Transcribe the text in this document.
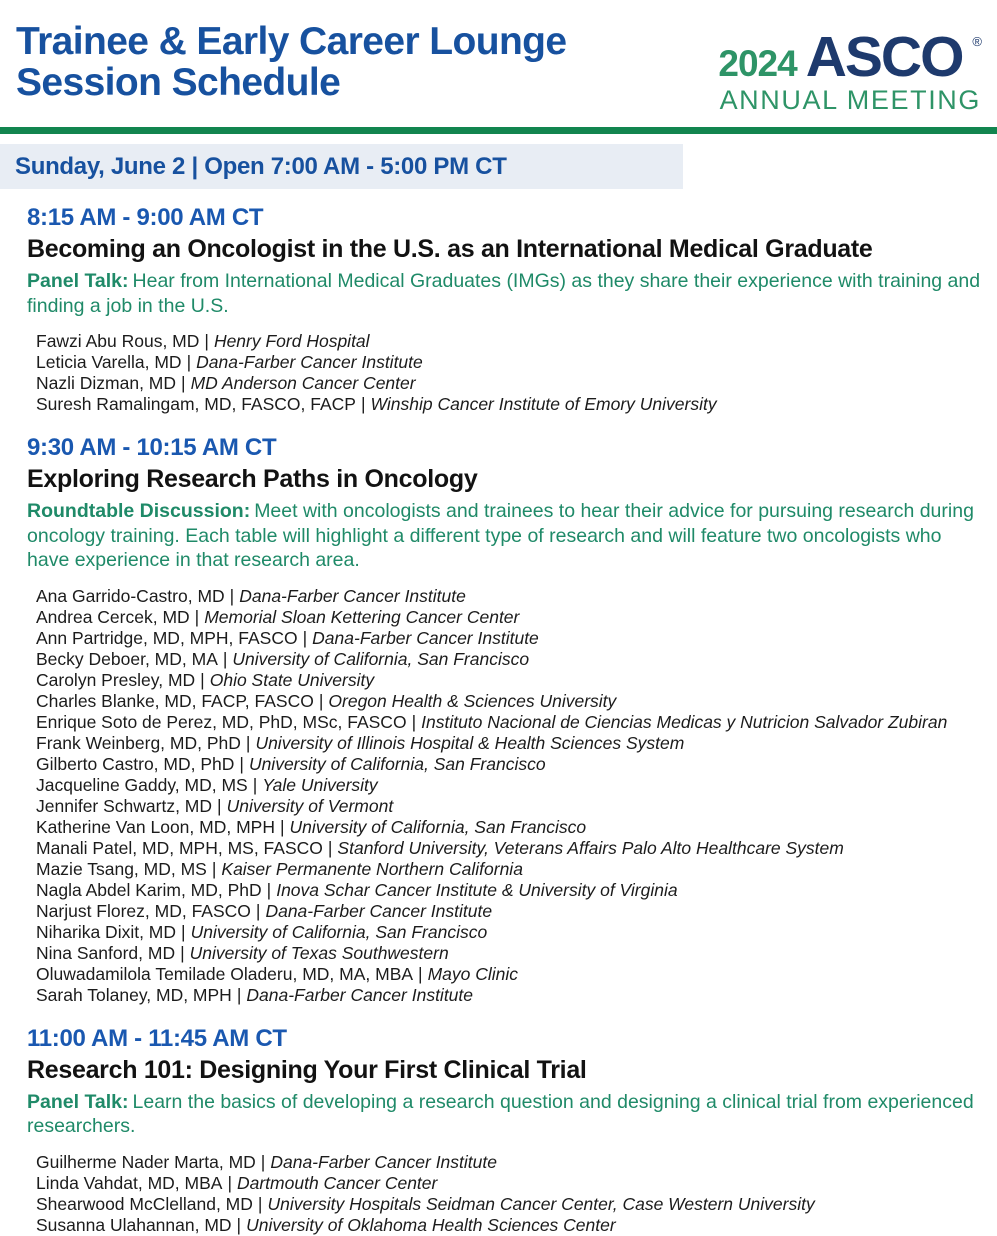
Trainee & Early Career Lounge
Session Schedule	2024 ASCO ®
ANNUAL MEETING
Sunday, June 2 | Open 7:00 AM - 5:00 PM CT
8:15 AM - 9:00 AM CT
Becoming an Oncologist in the U.S. as an International Medical Graduate
Panel Talk: Hear from International Medical Graduates (IMGs) as they share their experience with training and finding a job in the U.S.
Fawzi Abu Rous, MD | Henry Ford Hospital
Leticia Varella, MD | Dana-Farber Cancer Institute
Nazli Dizman, MD | MD Anderson Cancer Center
Suresh Ramalingam, MD, FASCO, FACP | Winship Cancer Institute of Emory University
9:30 AM - 10:15 AM CT
Exploring Research Paths in Oncology
Roundtable Discussion: Meet with oncologists and trainees to hear their advice for pursuing research during oncology training. Each table will highlight a different type of research and will feature two oncologists who have experience in that research area.
Ana Garrido-Castro, MD | Dana-Farber Cancer Institute
Andrea Cercek, MD | Memorial Sloan Kettering Cancer Center
Ann Partridge, MD, MPH, FASCO | Dana-Farber Cancer Institute
Becky Deboer, MD, MA | University of California, San Francisco
Carolyn Presley, MD | Ohio State University
Charles Blanke, MD, FACP, FASCO | Oregon Health & Sciences University
Enrique Soto de Perez, MD, PhD, MSc, FASCO | Instituto Nacional de Ciencias Medicas y Nutricion Salvador Zubiran
Frank Weinberg, MD, PhD | University of Illinois Hospital & Health Sciences System
Gilberto Castro, MD, PhD | University of California, San Francisco
Jacqueline Gaddy, MD, MS | Yale University
Jennifer Schwartz, MD | University of Vermont
Katherine Van Loon, MD, MPH | University of California, San Francisco
Manali Patel, MD, MPH, MS, FASCO | Stanford University, Veterans Affairs Palo Alto Healthcare System
Mazie Tsang, MD, MS | Kaiser Permanente Northern California
Nagla Abdel Karim, MD, PhD | Inova Schar Cancer Institute & University of Virginia
Narjust Florez, MD, FASCO | Dana-Farber Cancer Institute
Niharika Dixit, MD | University of California, San Francisco
Nina Sanford, MD | University of Texas Southwestern
Oluwadamilola Temilade Oladeru, MD, MA, MBA | Mayo Clinic
Sarah Tolaney, MD, MPH | Dana-Farber Cancer Institute
11:00 AM - 11:45 AM CT
Research 101: Designing Your First Clinical Trial
Panel Talk: Learn the basics of developing a research question and designing a clinical trial from experienced researchers.
Guilherme Nader Marta, MD | Dana-Farber Cancer Institute
Linda Vahdat, MD, MBA | Dartmouth Cancer Center
Shearwood McClelland, MD | University Hospitals Seidman Cancer Center, Case Western University
Susanna Ulahannan, MD | University of Oklahoma Health Sciences Center
